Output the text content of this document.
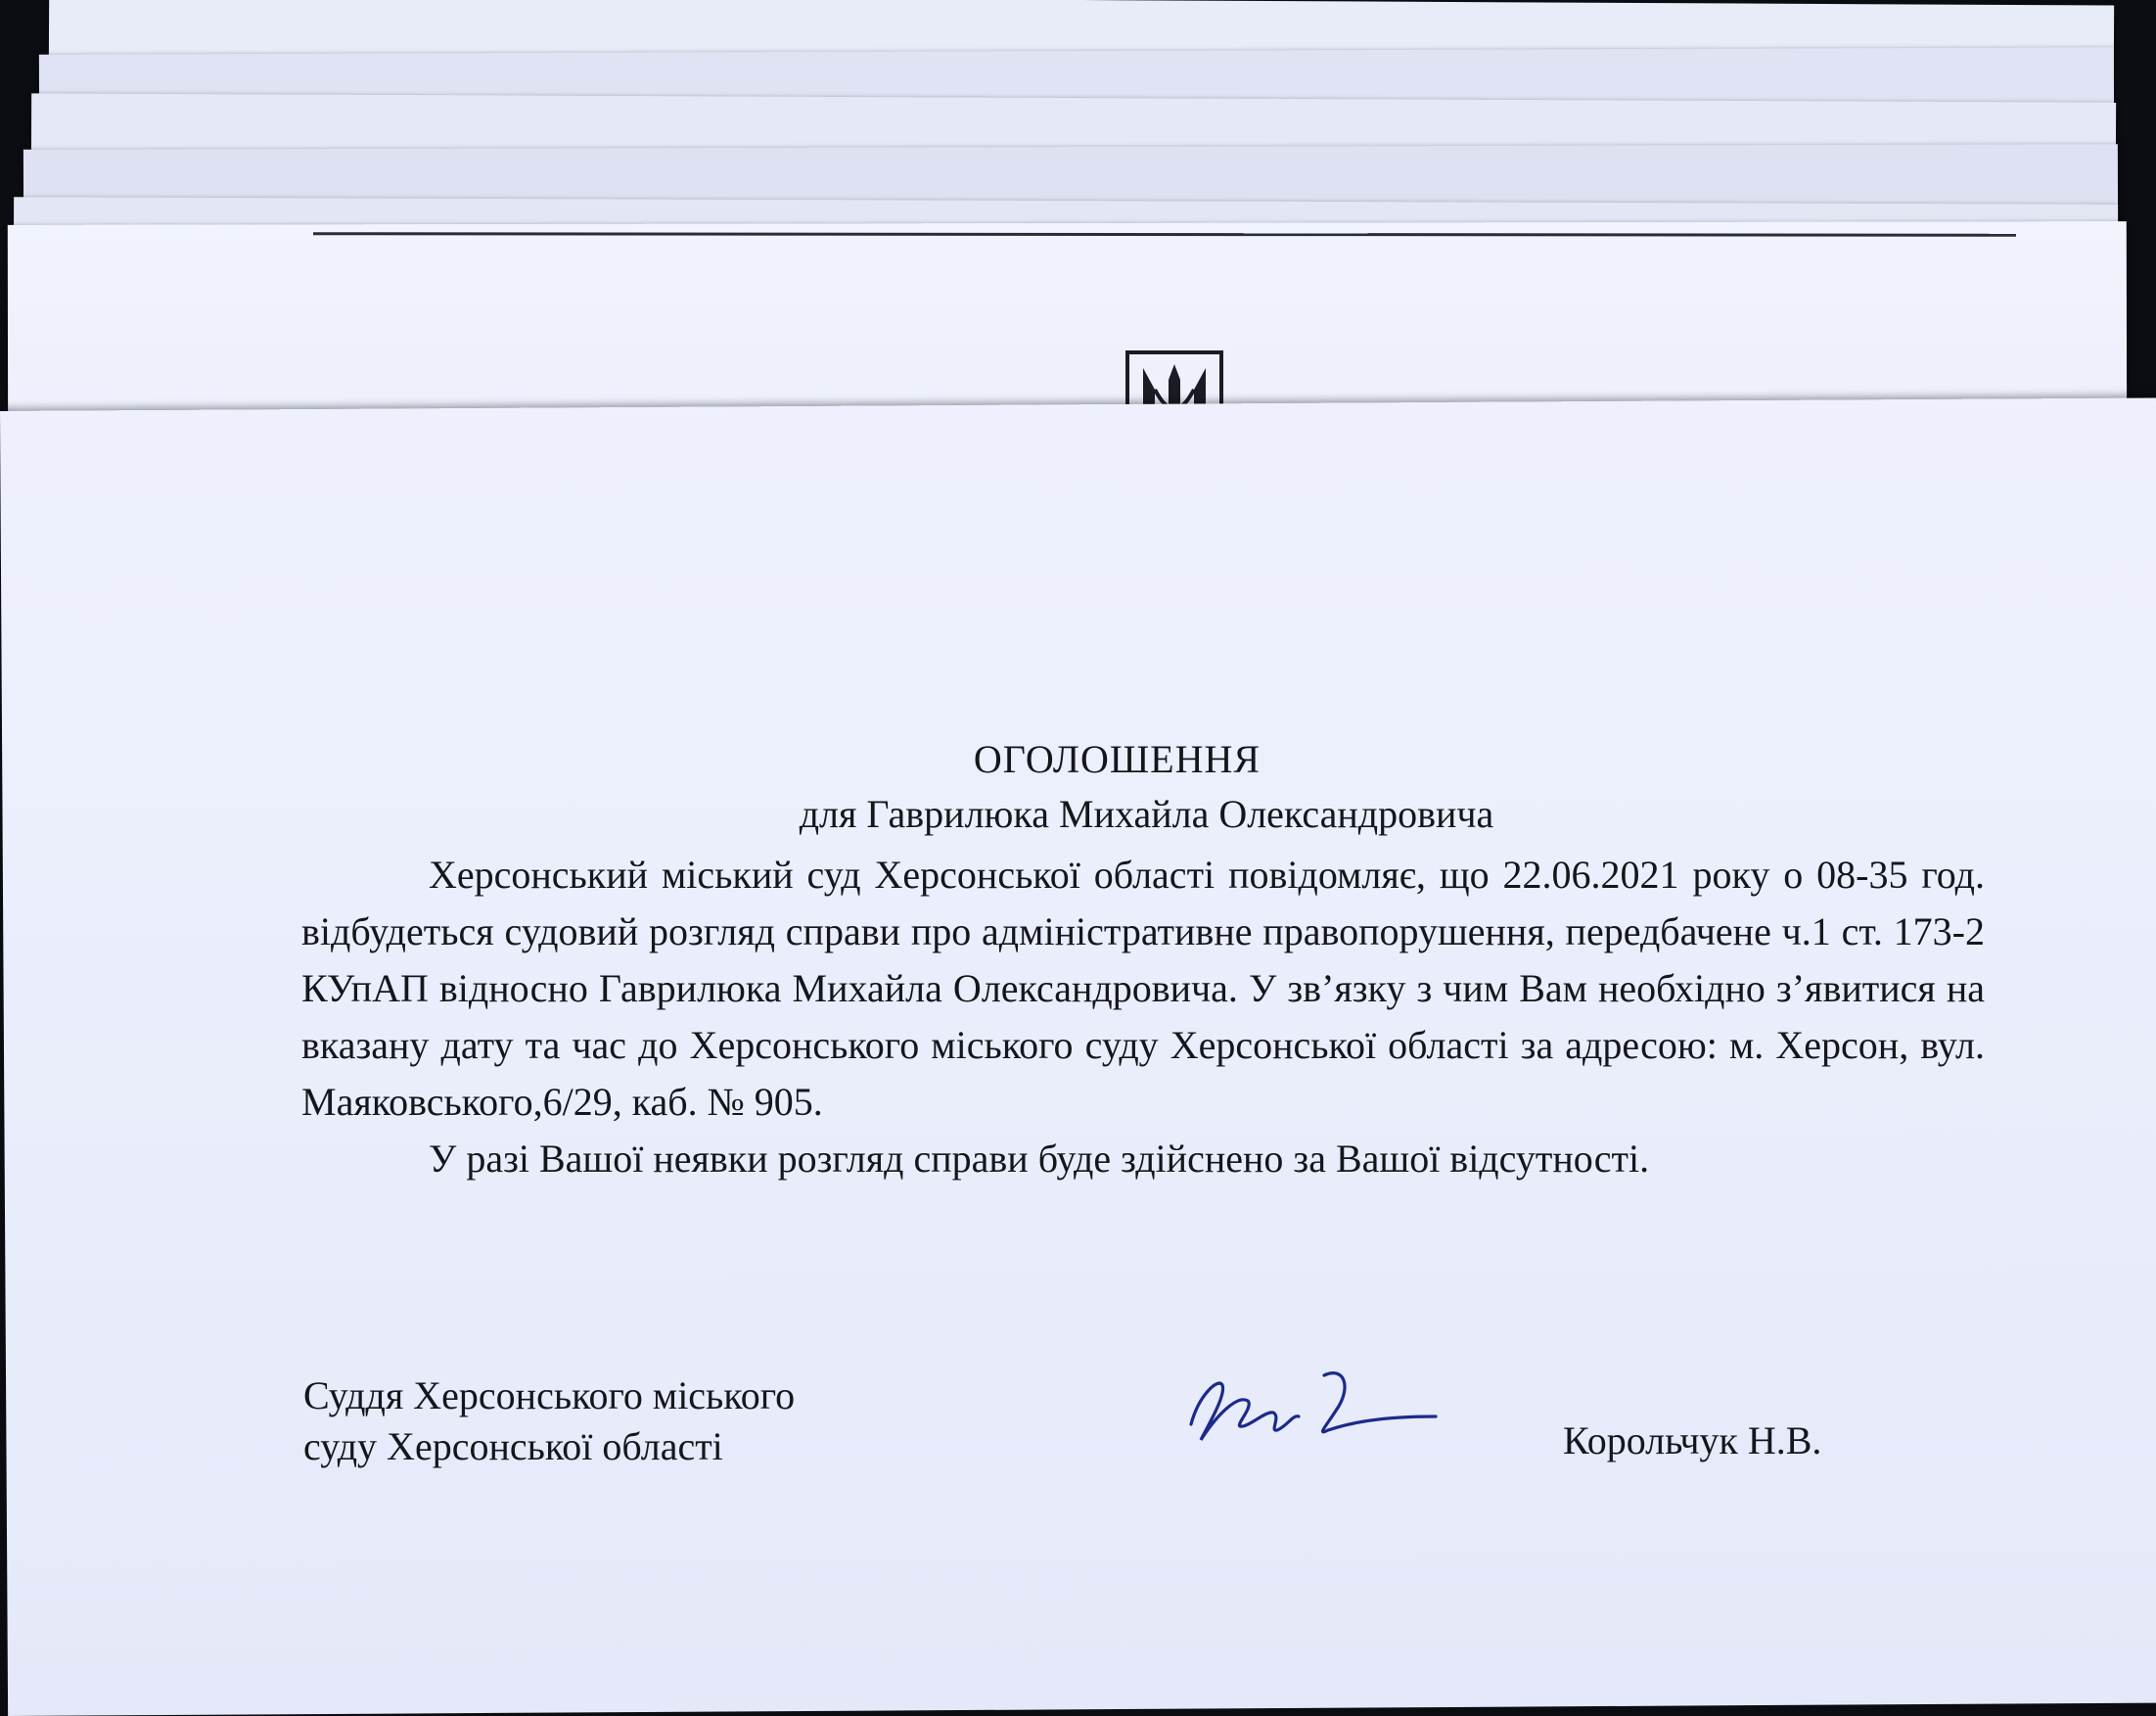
ОГОЛОШЕННЯ
для Гаврилюка Михайла Олександровича

Херсонський міський суд Херсонської області повідомляє, що 22.06.2021 року о 08-35 год. відбудеться судовий розгляд справи про адміністративне правопорушення, передбачене ч.1 ст. 173-2 КУпАП відносно Гаврилюка Михайла Олександровича. У зв’язку з чим Вам необхідно з’явитися на вказану дату та час до Херсонського міського суду Херсонської області за адресою: м. Херсон, вул. Маяковського,6/29, каб. № 905.

У разі Вашої неявки розгляд справи буде здійснено за Вашої відсутності.

Суддя Херсонського міського
суду Херсонської області	Корольчук Н.В.
